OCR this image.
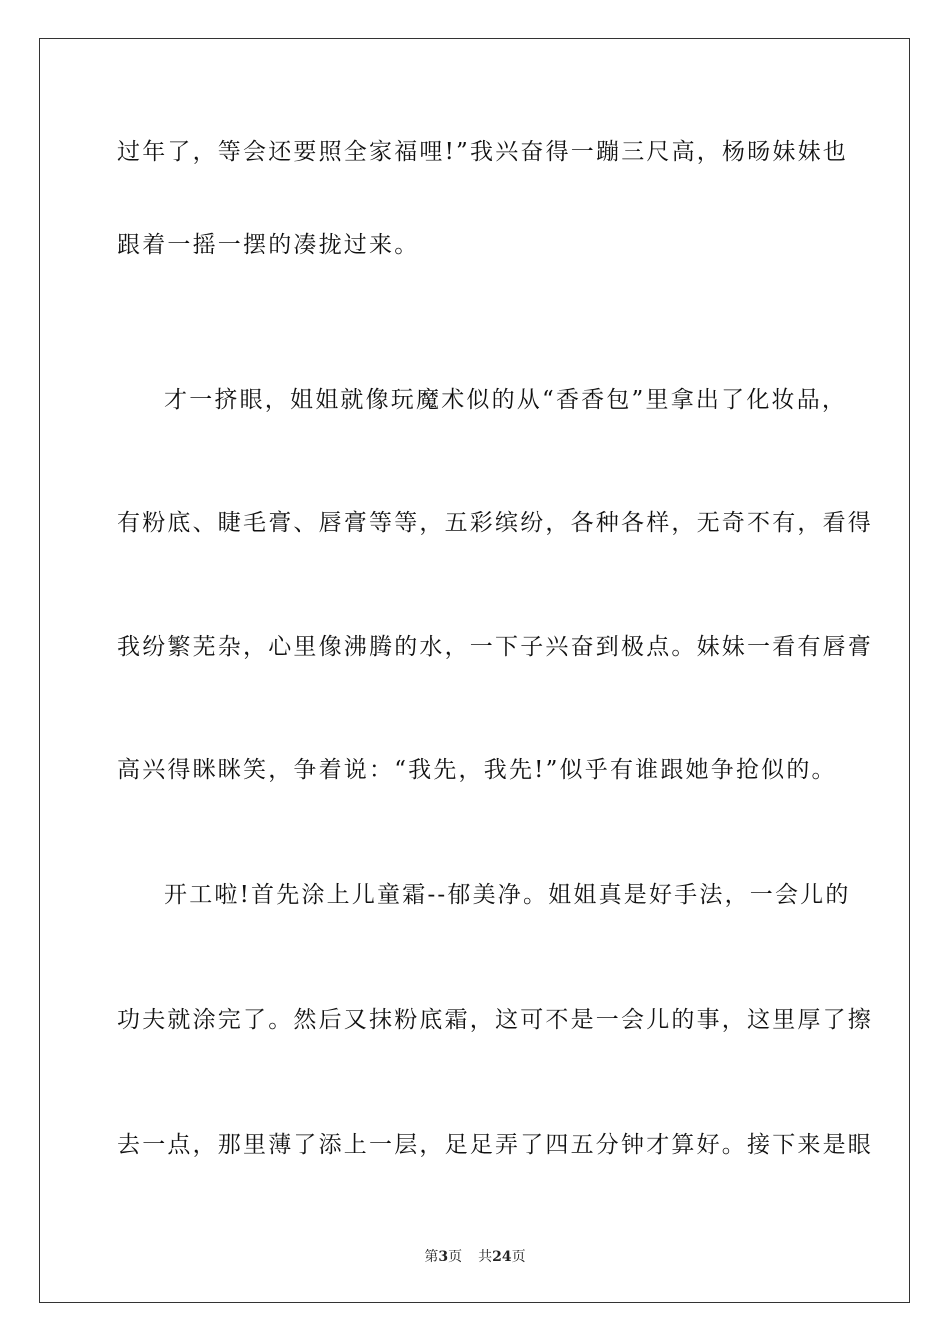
过年了，等会还要照全家福哩!”我兴奋得一蹦三尺高，杨旸妹妹也
跟着一摇一摆的凑拢过来。
才一挤眼，姐姐就像玩魔术似的从“香香包”里拿出了化妆品，
有粉底、睫毛膏、唇膏等等，五彩缤纷，各种各样，无奇不有，看得
我纷繁芜杂，心里像沸腾的水，一下子兴奋到极点。妹妹一看有唇膏
高兴得眯眯笑，争着说：“我先，我先!”似乎有谁跟她争抢似的。
开工啦!首先涂上儿童霜--郁美净。姐姐真是好手法，一会儿的
功夫就涂完了。然后又抹粉底霜，这可不是一会儿的事，这里厚了擦
去一点，那里薄了添上一层，足足弄了四五分钟才算好。接下来是眼
第3页 共24页
